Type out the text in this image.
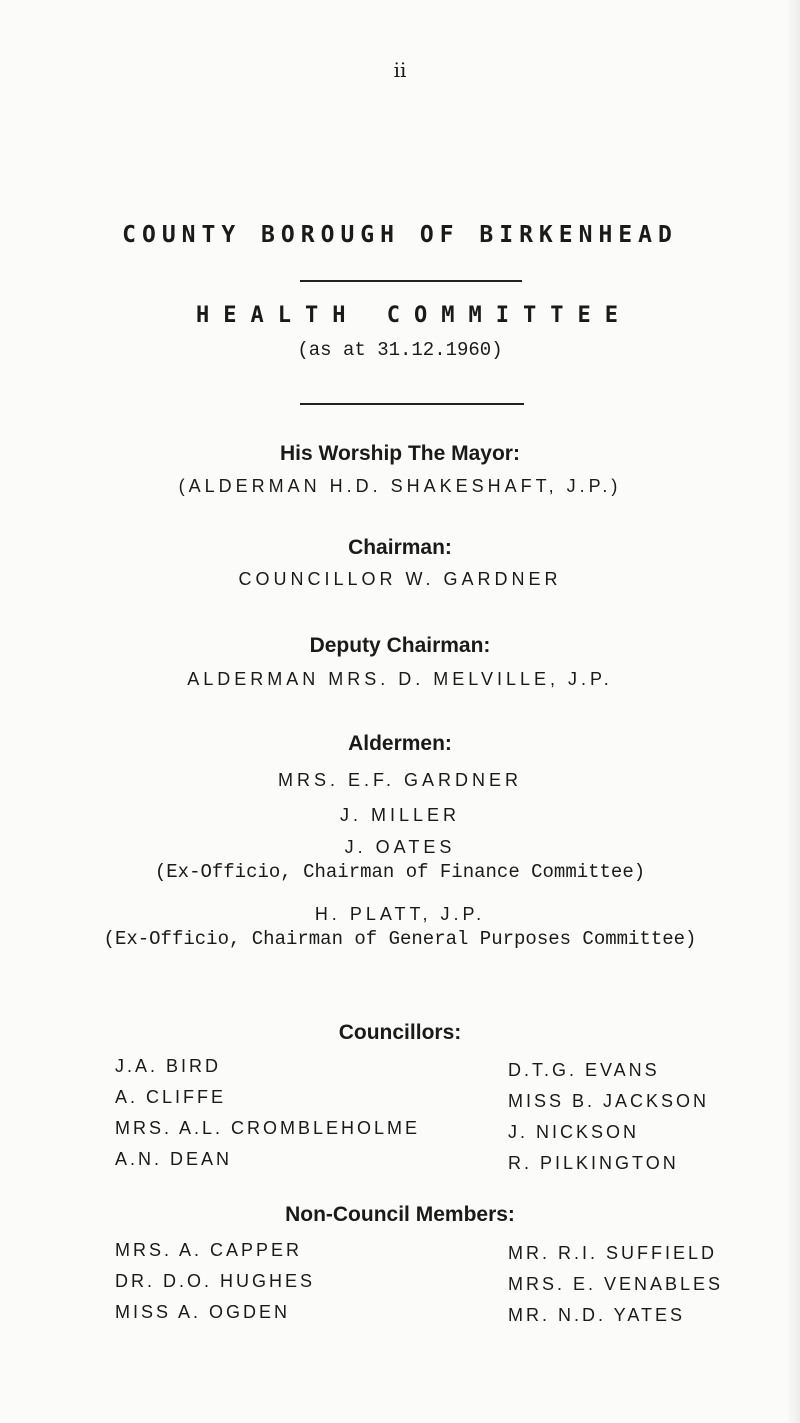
ii
COUNTY BOROUGH OF BIRKENHEAD
HEALTH COMMITTEE
(as at 31.12.1960)
His Worship The Mayor:
(ALDERMAN H.D. SHAKESHAFT, J.P.)
Chairman:
COUNCILLOR W. GARDNER
Deputy Chairman:
ALDERMAN MRS. D. MELVILLE, J.P.
Aldermen:
MRS. E.F. GARDNER
J. MILLER
J. OATES
(Ex-Officio, Chairman of Finance Committee)
H. PLATT, J.P.
(Ex-Officio, Chairman of General Purposes Committee)
Councillors:
J.A. BIRD
A. CLIFFE
MRS. A.L. CROMBLEHOLME
A.N. DEAN
D.T.G. EVANS
MISS B. JACKSON
J. NICKSON
R. PILKINGTON
Non-Council Members:
MRS. A. CAPPER
DR. D.O. HUGHES
MISS A. OGDEN
MR. R.I. SUFFIELD
MRS. E. VENABLES
MR. N.D. YATES
